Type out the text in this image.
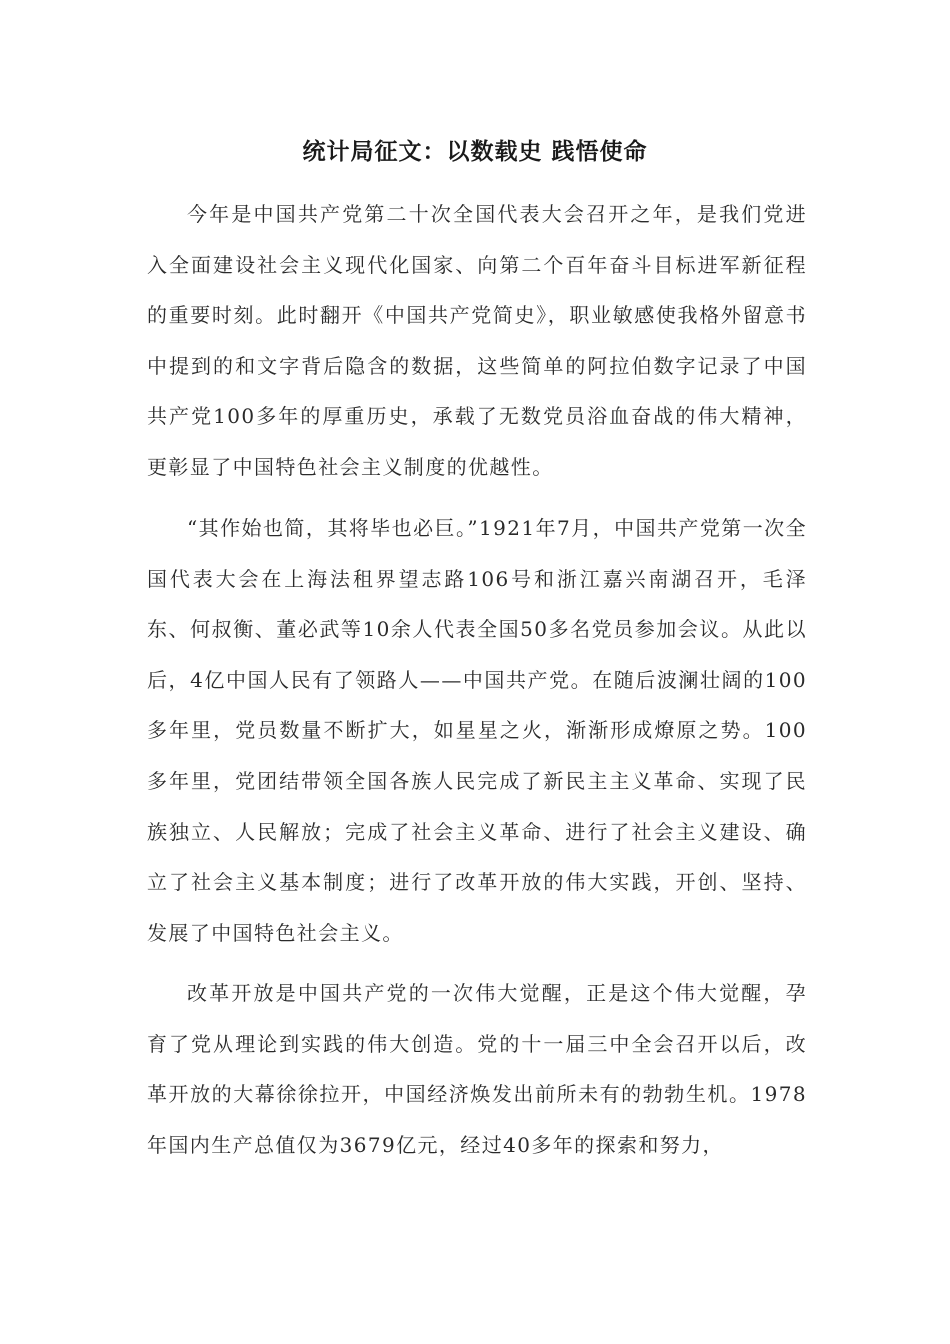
统计局征文：以数载史 践悟使命

今年是中国共产党第二十次全国代表大会召开之年，是我们党进入全面建设社会主义现代化国家、向第二个百年奋斗目标进军新征程的重要时刻。此时翻开《中国共产党简史》，职业敏感使我格外留意书中提到的和文字背后隐含的数据，这些简单的阿拉伯数字记录了中国共产党100多年的厚重历史，承载了无数党员浴血奋战的伟大精神，更彰显了中国特色社会主义制度的优越性。

“其作始也简，其将毕也必巨。”1921年7月，中国共产党第一次全国代表大会在上海法租界望志路106号和浙江嘉兴南湖召开，毛泽东、何叔衡、董必武等10余人代表全国50多名党员参加会议。从此以后，4亿中国人民有了领路人——中国共产党。在随后波澜壮阔的100多年里，党员数量不断扩大，如星星之火，渐渐形成燎原之势。100多年里，党团结带领全国各族人民完成了新民主主义革命、实现了民族独立、人民解放；完成了社会主义革命、进行了社会主义建设、确立了社会主义基本制度；进行了改革开放的伟大实践，开创、坚持、发展了中国特色社会主义。

改革开放是中国共产党的一次伟大觉醒，正是这个伟大觉醒，孕育了党从理论到实践的伟大创造。党的十一届三中全会召开以后，改革开放的大幕徐徐拉开，中国经济焕发出前所未有的勃勃生机。1978年国内生产总值仅为3679亿元，经过40多年的探索和努力，
